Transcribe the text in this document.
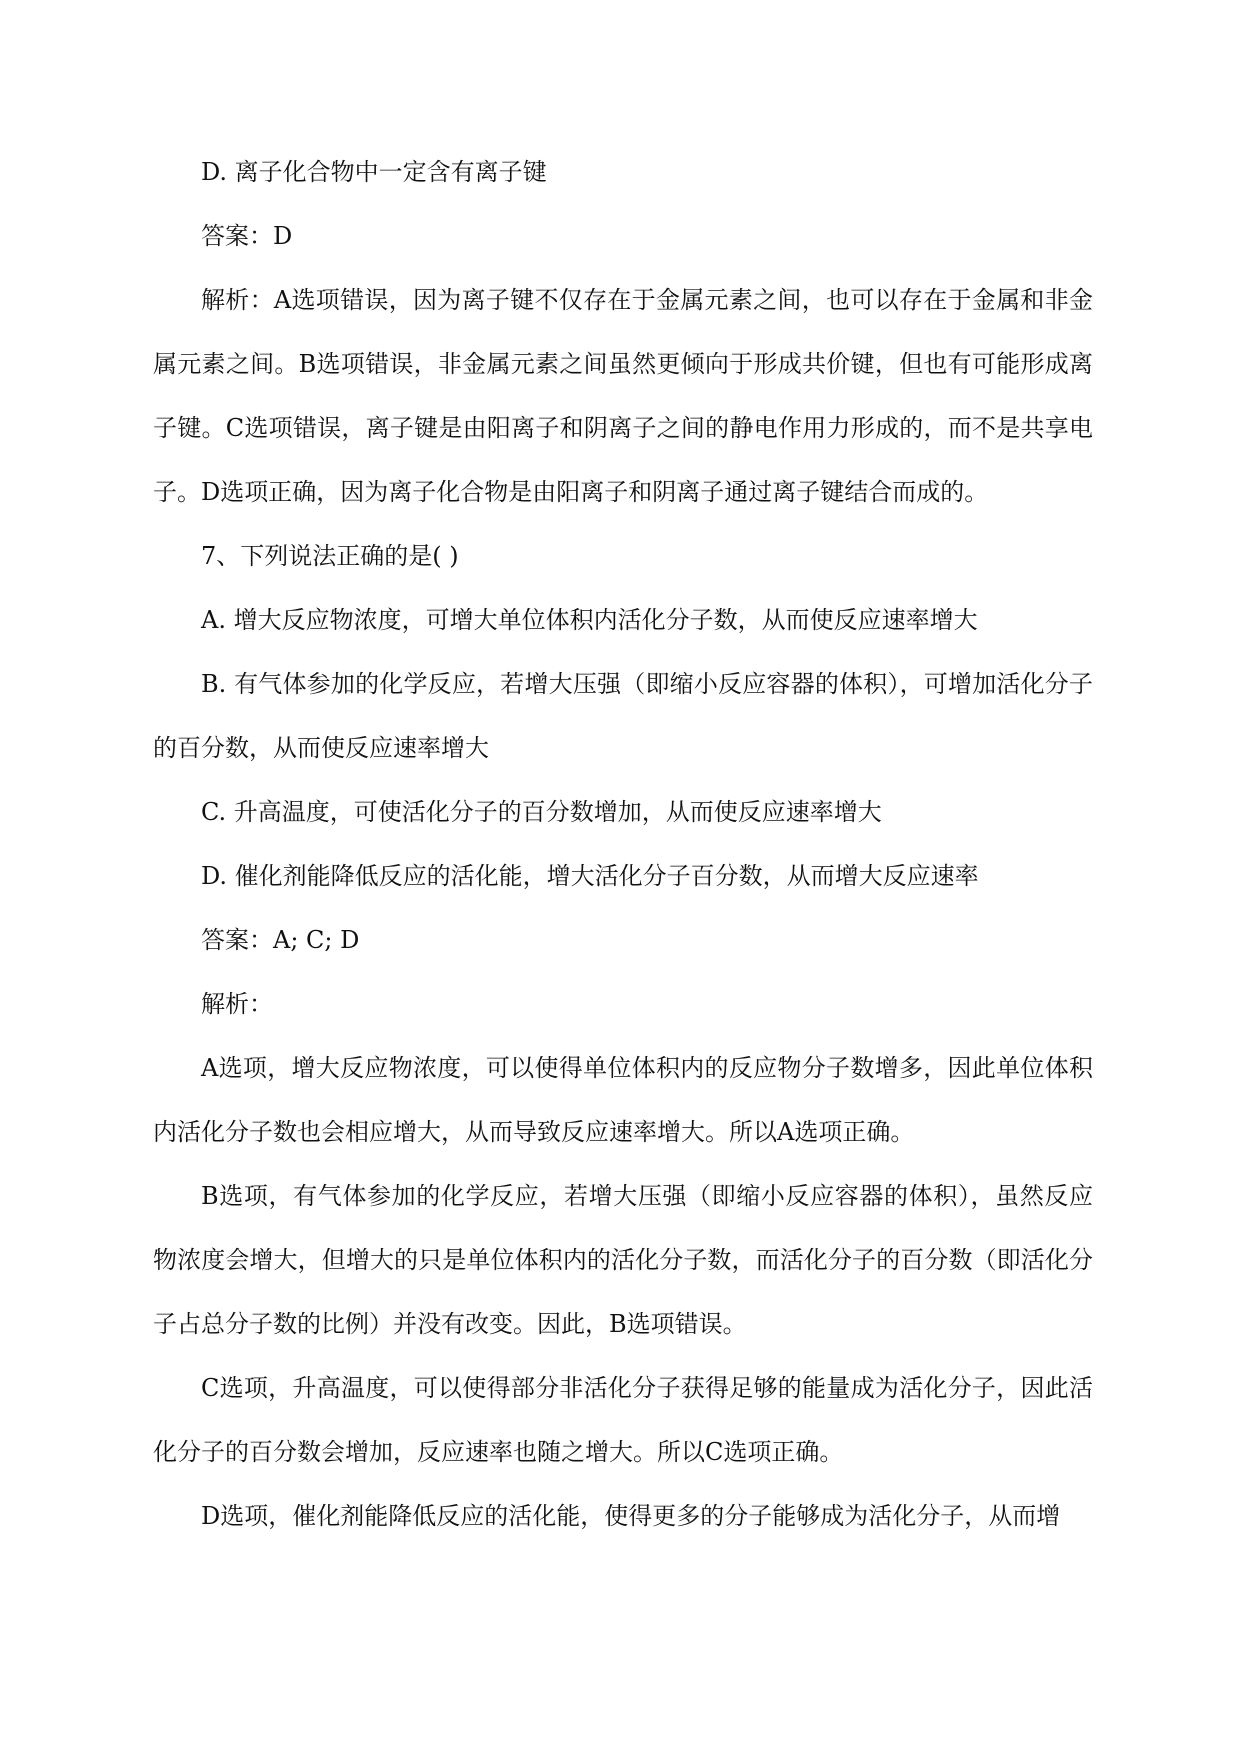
D. 离子化合物中一定含有离子键

答案：D

解析：A选项错误，因为离子键不仅存在于金属元素之间，也可以存在于金属和非金属元素之间。B选项错误，非金属元素之间虽然更倾向于形成共价键，但也有可能形成离子键。C选项错误，离子键是由阳离子和阴离子之间的静电作用力形成的，而不是共享电子。D选项正确，因为离子化合物是由阳离子和阴离子通过离子键结合而成的。

7、下列说法正确的是( )

A. 增大反应物浓度，可增大单位体积内活化分子数，从而使反应速率增大

B. 有气体参加的化学反应，若增大压强（即缩小反应容器的体积），可增加活化分子的百分数，从而使反应速率增大

C. 升高温度，可使活化分子的百分数增加，从而使反应速率增大

D. 催化剂能降低反应的活化能，增大活化分子百分数，从而增大反应速率

答案：A; C; D

解析：

A选项，增大反应物浓度，可以使得单位体积内的反应物分子数增多，因此单位体积内活化分子数也会相应增大，从而导致反应速率增大。所以A选项正确。

B选项，有气体参加的化学反应，若增大压强（即缩小反应容器的体积），虽然反应物浓度会增大，但增大的只是单位体积内的活化分子数，而活化分子的百分数（即活化分子占总分子数的比例）并没有改变。因此，B选项错误。

C选项，升高温度，可以使得部分非活化分子获得足够的能量成为活化分子，因此活化分子的百分数会增加，反应速率也随之增大。所以C选项正确。

D选项，催化剂能降低反应的活化能，使得更多的分子能够成为活化分子，从而增
